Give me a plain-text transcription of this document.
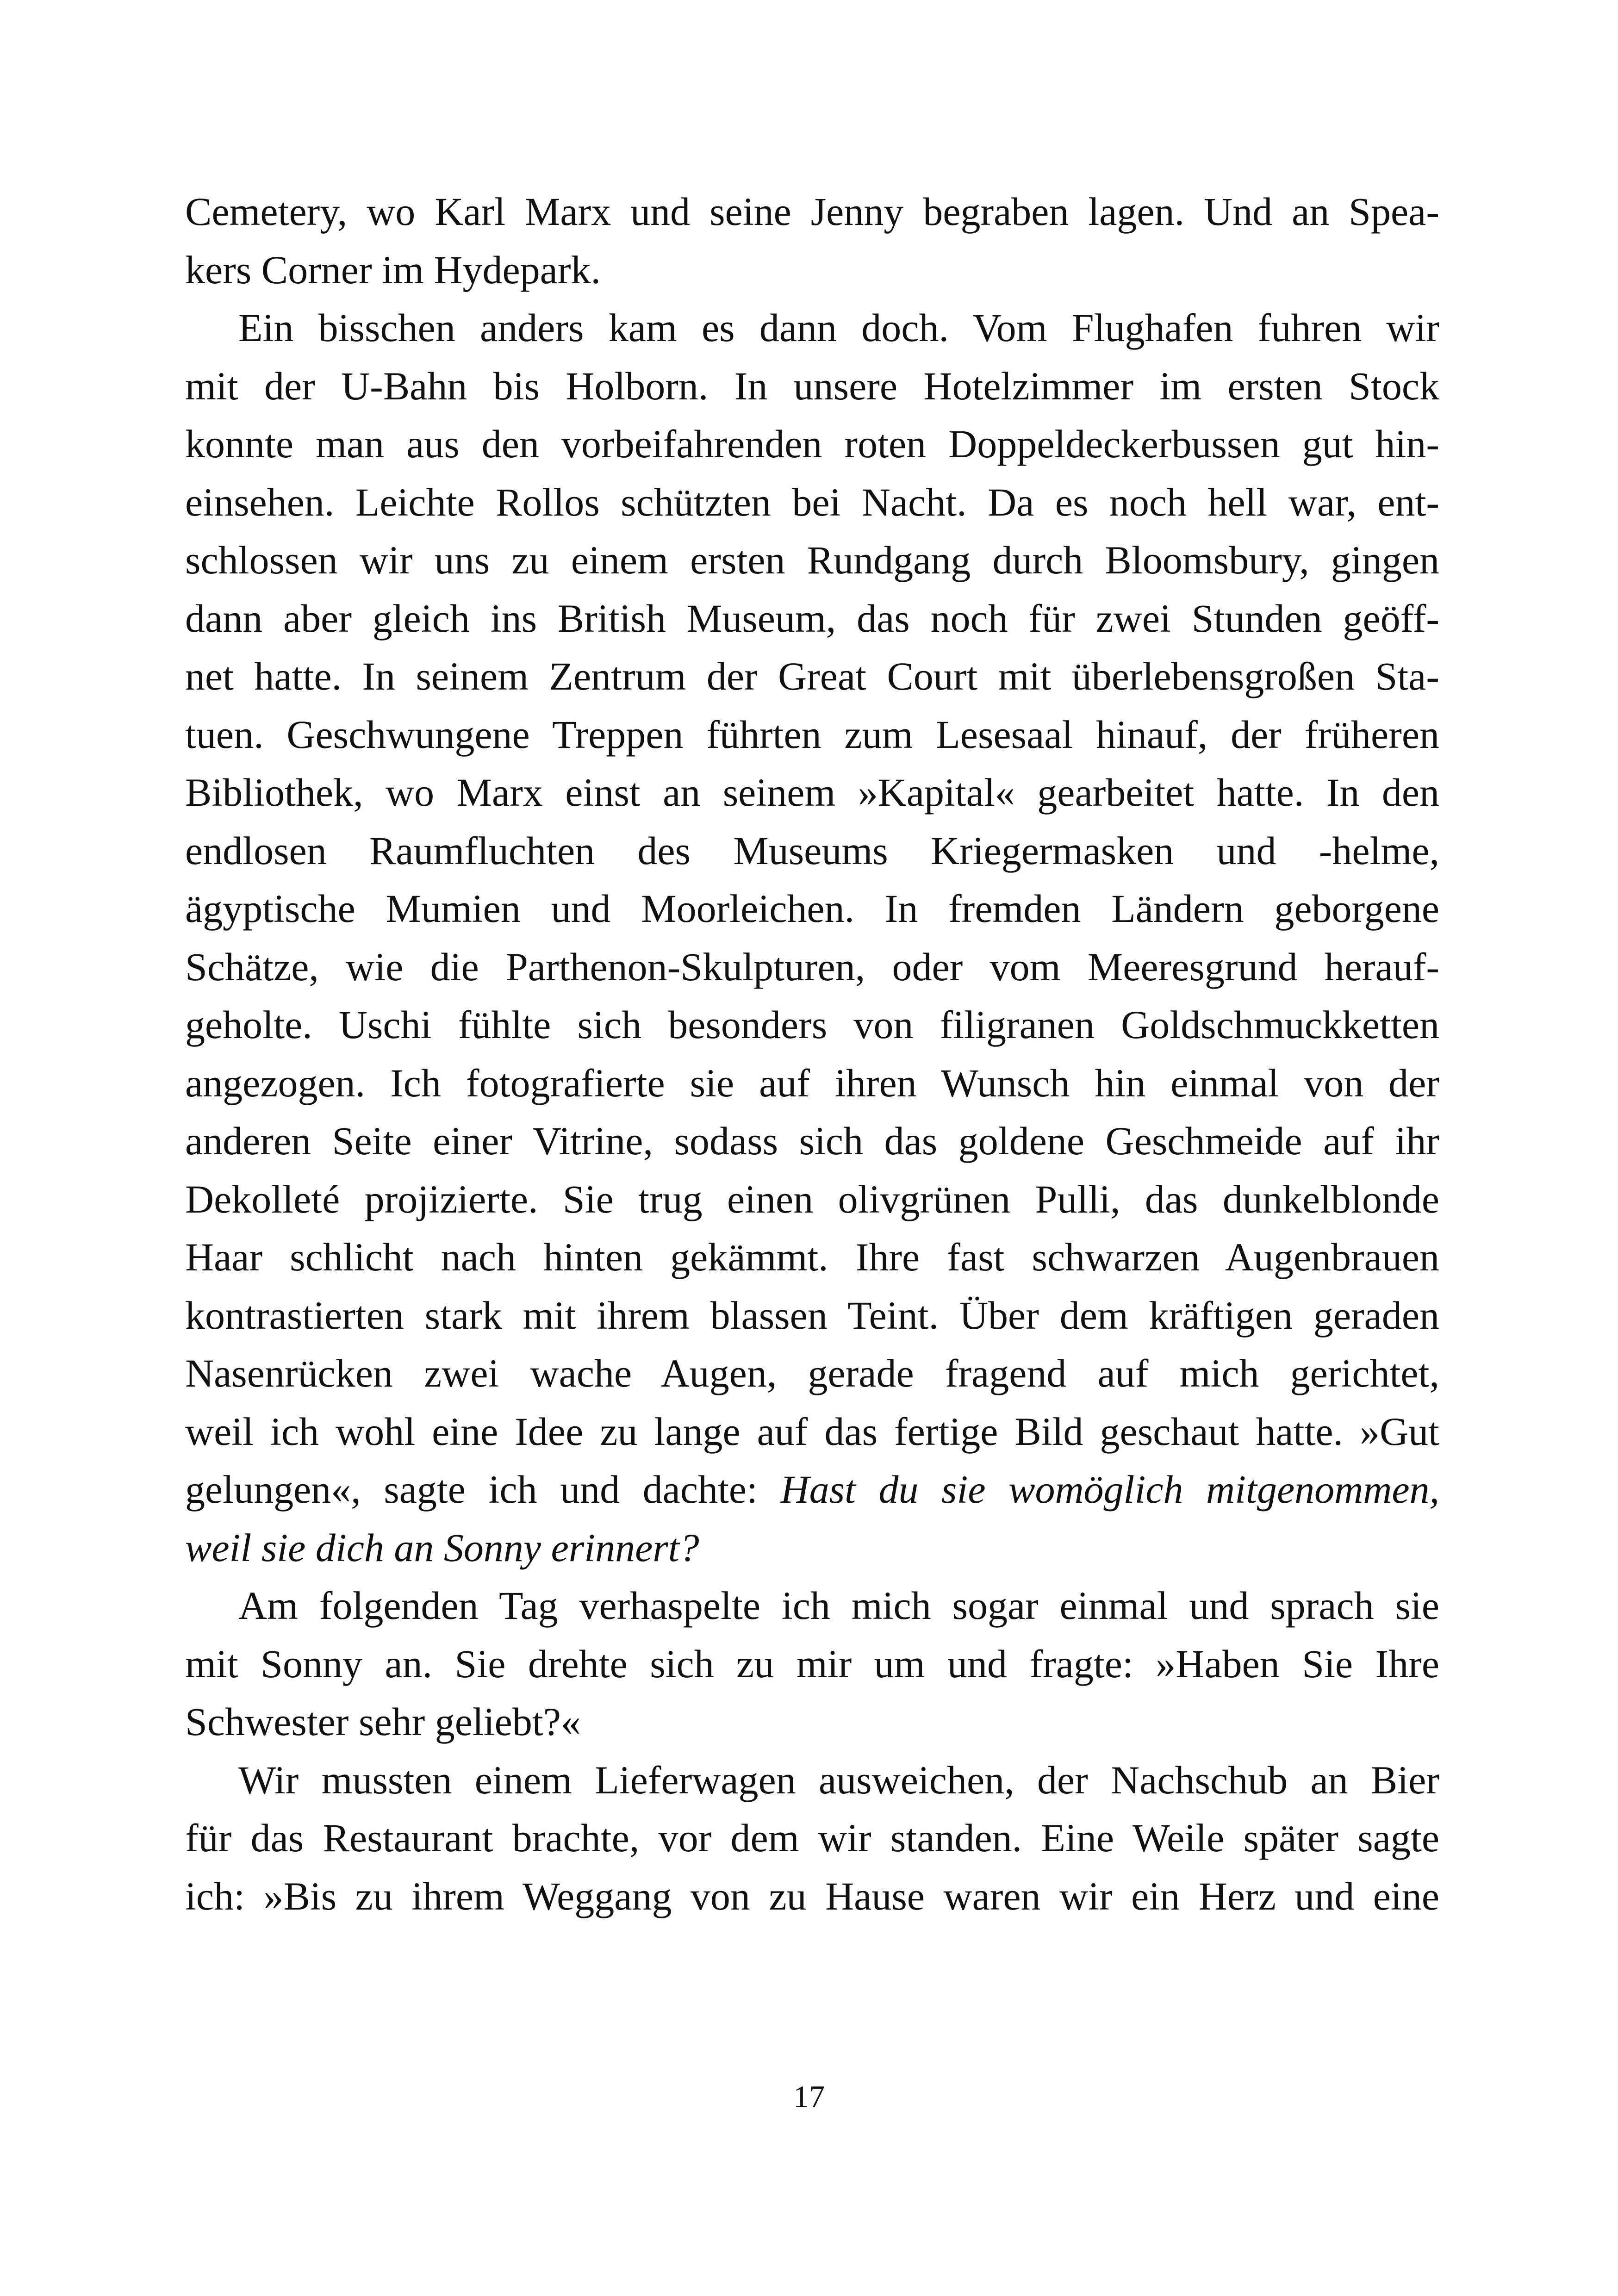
Cemetery, wo Karl Marx und seine Jenny begraben lagen. Und an Spea-
kers Corner im Hydepark.
Ein bisschen anders kam es dann doch. Vom Flughafen fuhren wir
mit der U-Bahn bis Holborn. In unsere Hotelzimmer im ersten Stock
konnte man aus den vorbeifahrenden roten Doppeldeckerbussen gut hin-
einsehen. Leichte Rollos schützten bei Nacht. Da es noch hell war, ent-
schlossen wir uns zu einem ersten Rundgang durch Bloomsbury, gingen
dann aber gleich ins British Museum, das noch für zwei Stunden geöff-
net hatte. In seinem Zentrum der Great Court mit überlebensgroßen Sta-
tuen. Geschwungene Treppen führten zum Lesesaal hinauf, der früheren
Bibliothek, wo Marx einst an seinem »Kapital« gearbeitet hatte. In den
endlosen Raumfluchten des Museums Kriegermasken und -helme,
ägyptische Mumien und Moorleichen. In fremden Ländern geborgene
Schätze, wie die Parthenon-Skulpturen, oder vom Meeresgrund herauf-
geholte. Uschi fühlte sich besonders von filigranen Goldschmuckketten
angezogen. Ich fotografierte sie auf ihren Wunsch hin einmal von der
anderen Seite einer Vitrine, sodass sich das goldene Geschmeide auf ihr
Dekolleté projizierte. Sie trug einen olivgrünen Pulli, das dunkelblonde
Haar schlicht nach hinten gekämmt. Ihre fast schwarzen Augenbrauen
kontrastierten stark mit ihrem blassen Teint. Über dem kräftigen geraden
Nasenrücken zwei wache Augen, gerade fragend auf mich gerichtet,
weil ich wohl eine Idee zu lange auf das fertige Bild geschaut hatte. »Gut
gelungen«, sagte ich und dachte: Hast du sie womöglich mitgenommen,
weil sie dich an Sonny erinnert?
Am folgenden Tag verhaspelte ich mich sogar einmal und sprach sie
mit Sonny an. Sie drehte sich zu mir um und fragte: »Haben Sie Ihre
Schwester sehr geliebt?«
Wir mussten einem Lieferwagen ausweichen, der Nachschub an Bier
für das Restaurant brachte, vor dem wir standen. Eine Weile später sagte
ich: »Bis zu ihrem Weggang von zu Hause waren wir ein Herz und eine
17
